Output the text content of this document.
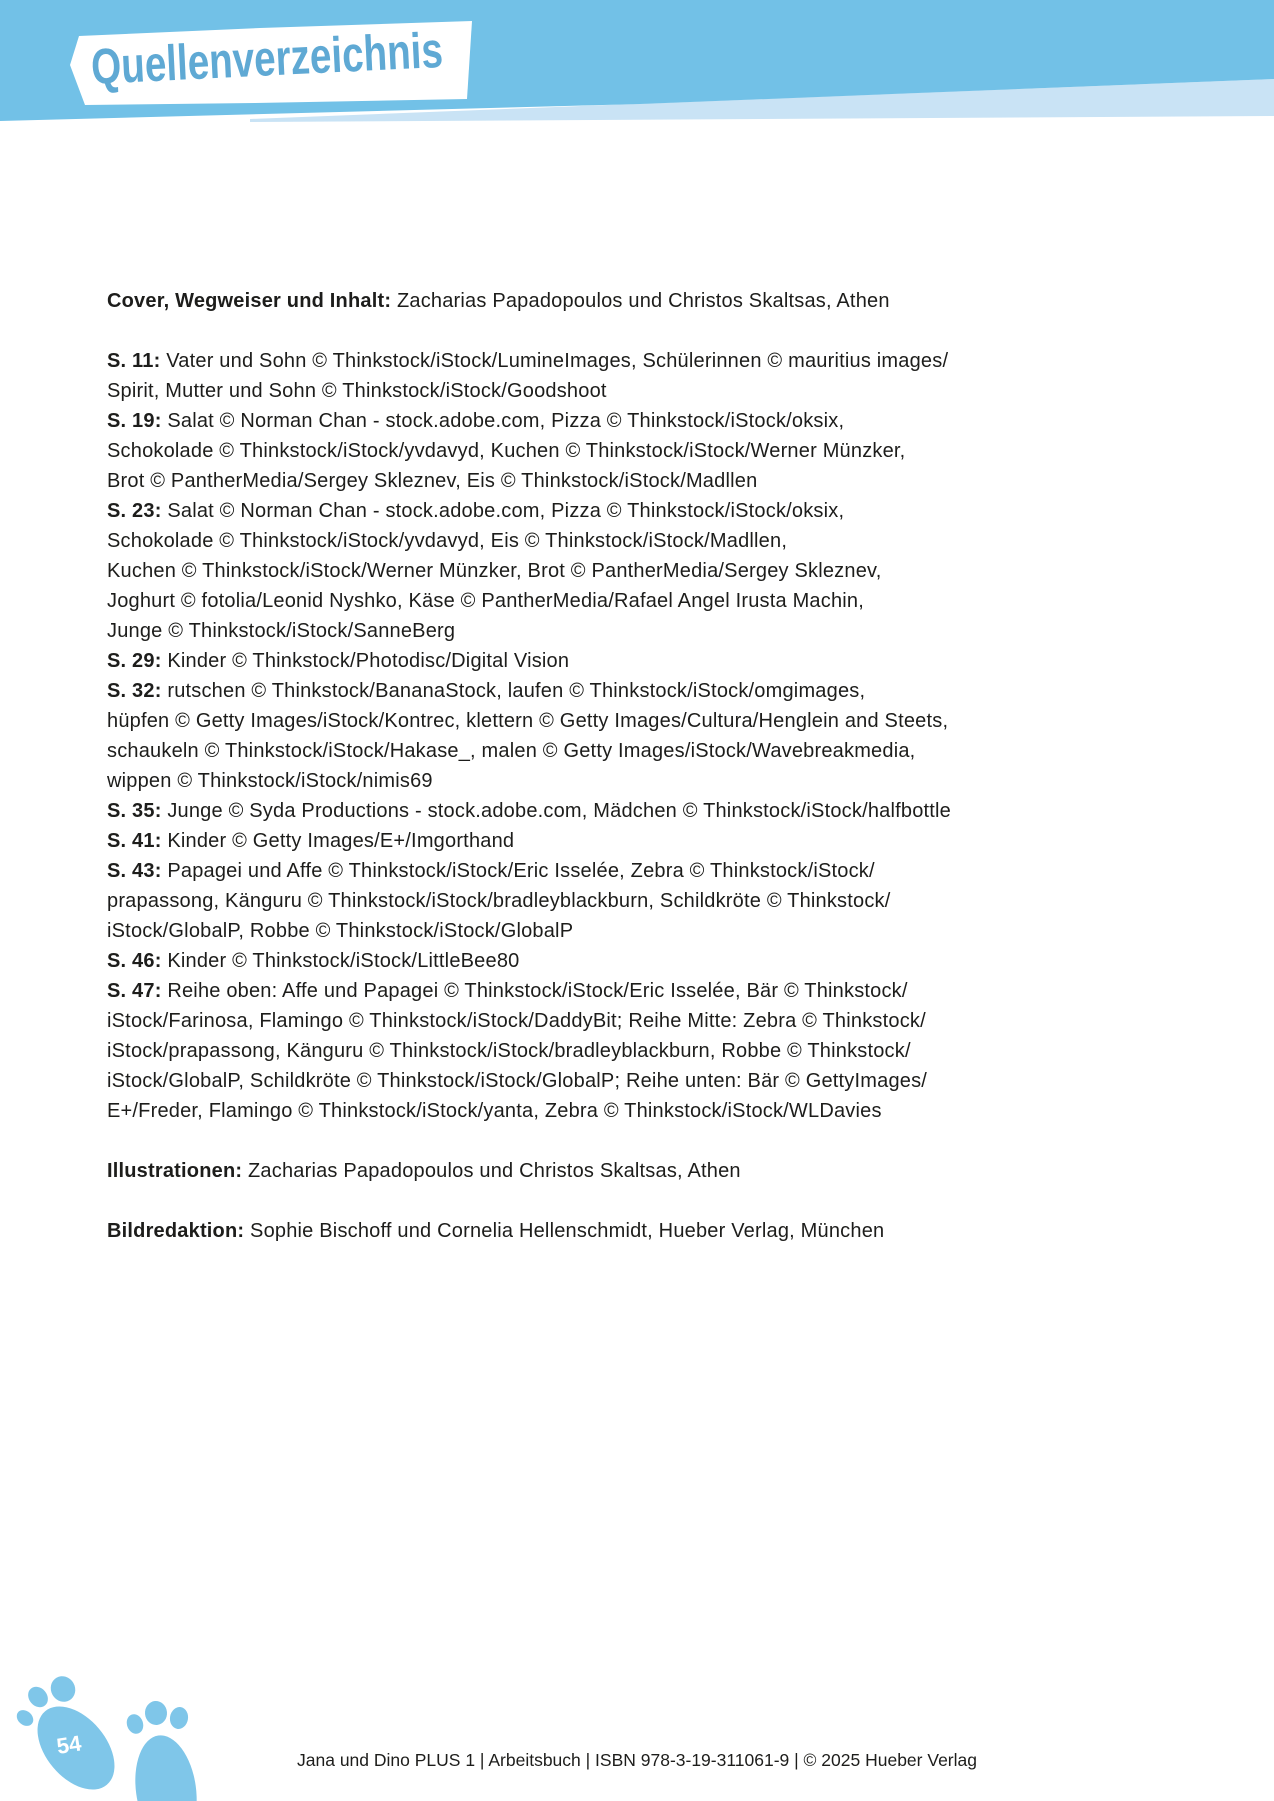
Quellenverzeichnis
Cover, Wegweiser und Inhalt: Zacharias Papadopoulos und Christos Skaltsas, Athen
S. 11: Vater und Sohn © Thinkstock/iStock/LumineImages, Schülerinnen © mauritius images/
Spirit, Mutter und Sohn © Thinkstock/iStock/Goodshoot
S. 19: Salat © Norman Chan - stock.adobe.com, Pizza © Thinkstock/iStock/oksix,
Schokolade © Thinkstock/iStock/yvdavyd, Kuchen © Thinkstock/iStock/Werner Münzker,
Brot © PantherMedia/Sergey Skleznev, Eis © Thinkstock/iStock/Madllen
S. 23: Salat © Norman Chan - stock.adobe.com, Pizza © Thinkstock/iStock/oksix,
Schokolade © Thinkstock/iStock/yvdavyd, Eis © Thinkstock/iStock/Madllen,
Kuchen © Thinkstock/iStock/Werner Münzker, Brot © PantherMedia/Sergey Skleznev,
Joghurt © fotolia/Leonid Nyshko, Käse © PantherMedia/Rafael Angel Irusta Machin,
Junge © Thinkstock/iStock/SanneBerg
S. 29: Kinder © Thinkstock/Photodisc/Digital Vision
S. 32: rutschen © Thinkstock/BananaStock, laufen © Thinkstock/iStock/omgimages,
hüpfen © Getty Images/iStock/Kontrec, klettern © Getty Images/Cultura/Henglein and Steets,
schaukeln © Thinkstock/iStock/Hakase_, malen © Getty Images/iStock/Wavebreakmedia,
wippen © Thinkstock/iStock/nimis69
S. 35: Junge © Syda Productions - stock.adobe.com, Mädchen © Thinkstock/iStock/halfbottle
S. 41: Kinder © Getty Images/E+/Imgorthand
S. 43: Papagei und Affe © Thinkstock/iStock/Eric Isselée, Zebra © Thinkstock/iStock/
prapassong, Känguru © Thinkstock/iStock/bradleyblackburn, Schildkröte © Thinkstock/
iStock/GlobalP, Robbe © Thinkstock/iStock/GlobalP
S. 46: Kinder © Thinkstock/iStock/LittleBee80
S. 47: Reihe oben: Affe und Papagei © Thinkstock/iStock/Eric Isselée, Bär © Thinkstock/
iStock/Farinosa, Flamingo © Thinkstock/iStock/DaddyBit; Reihe Mitte: Zebra © Thinkstock/
iStock/prapassong, Känguru © Thinkstock/iStock/bradleyblackburn, Robbe © Thinkstock/
iStock/GlobalP, Schildkröte © Thinkstock/iStock/GlobalP; Reihe unten: Bär © GettyImages/
E+/Freder, Flamingo © Thinkstock/iStock/yanta, Zebra © Thinkstock/iStock/WLDavies
Illustrationen: Zacharias Papadopoulos und Christos Skaltsas, Athen
Bildredaktion: Sophie Bischoff und Cornelia Hellenschmidt, Hueber Verlag, München
54
Jana und Dino PLUS 1 | Arbeitsbuch | ISBN 978-3-19-311061-9 | © 2025 Hueber Verlag
